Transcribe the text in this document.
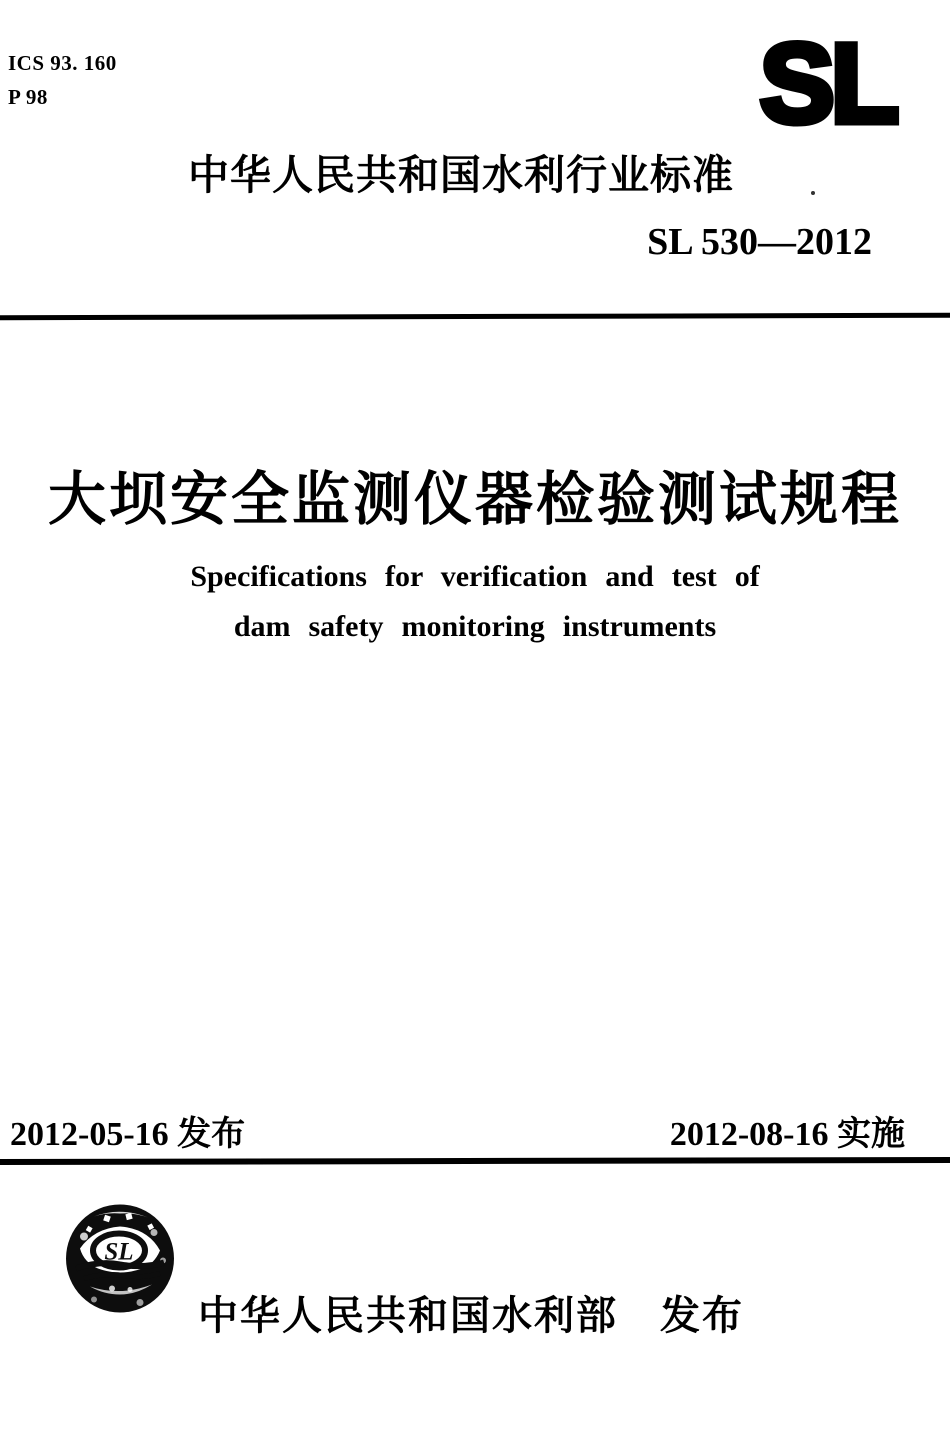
ICS 93. 160
P 98	SL
中华人民共和国水利行业标准
SL 530—2012
大坝安全监测仪器检验测试规程
Specifications for verification and test of
dam safety monitoring instruments
2012-05-16 发布	2012-08-16 实施
SL
中华人民共和国水利部　发布
